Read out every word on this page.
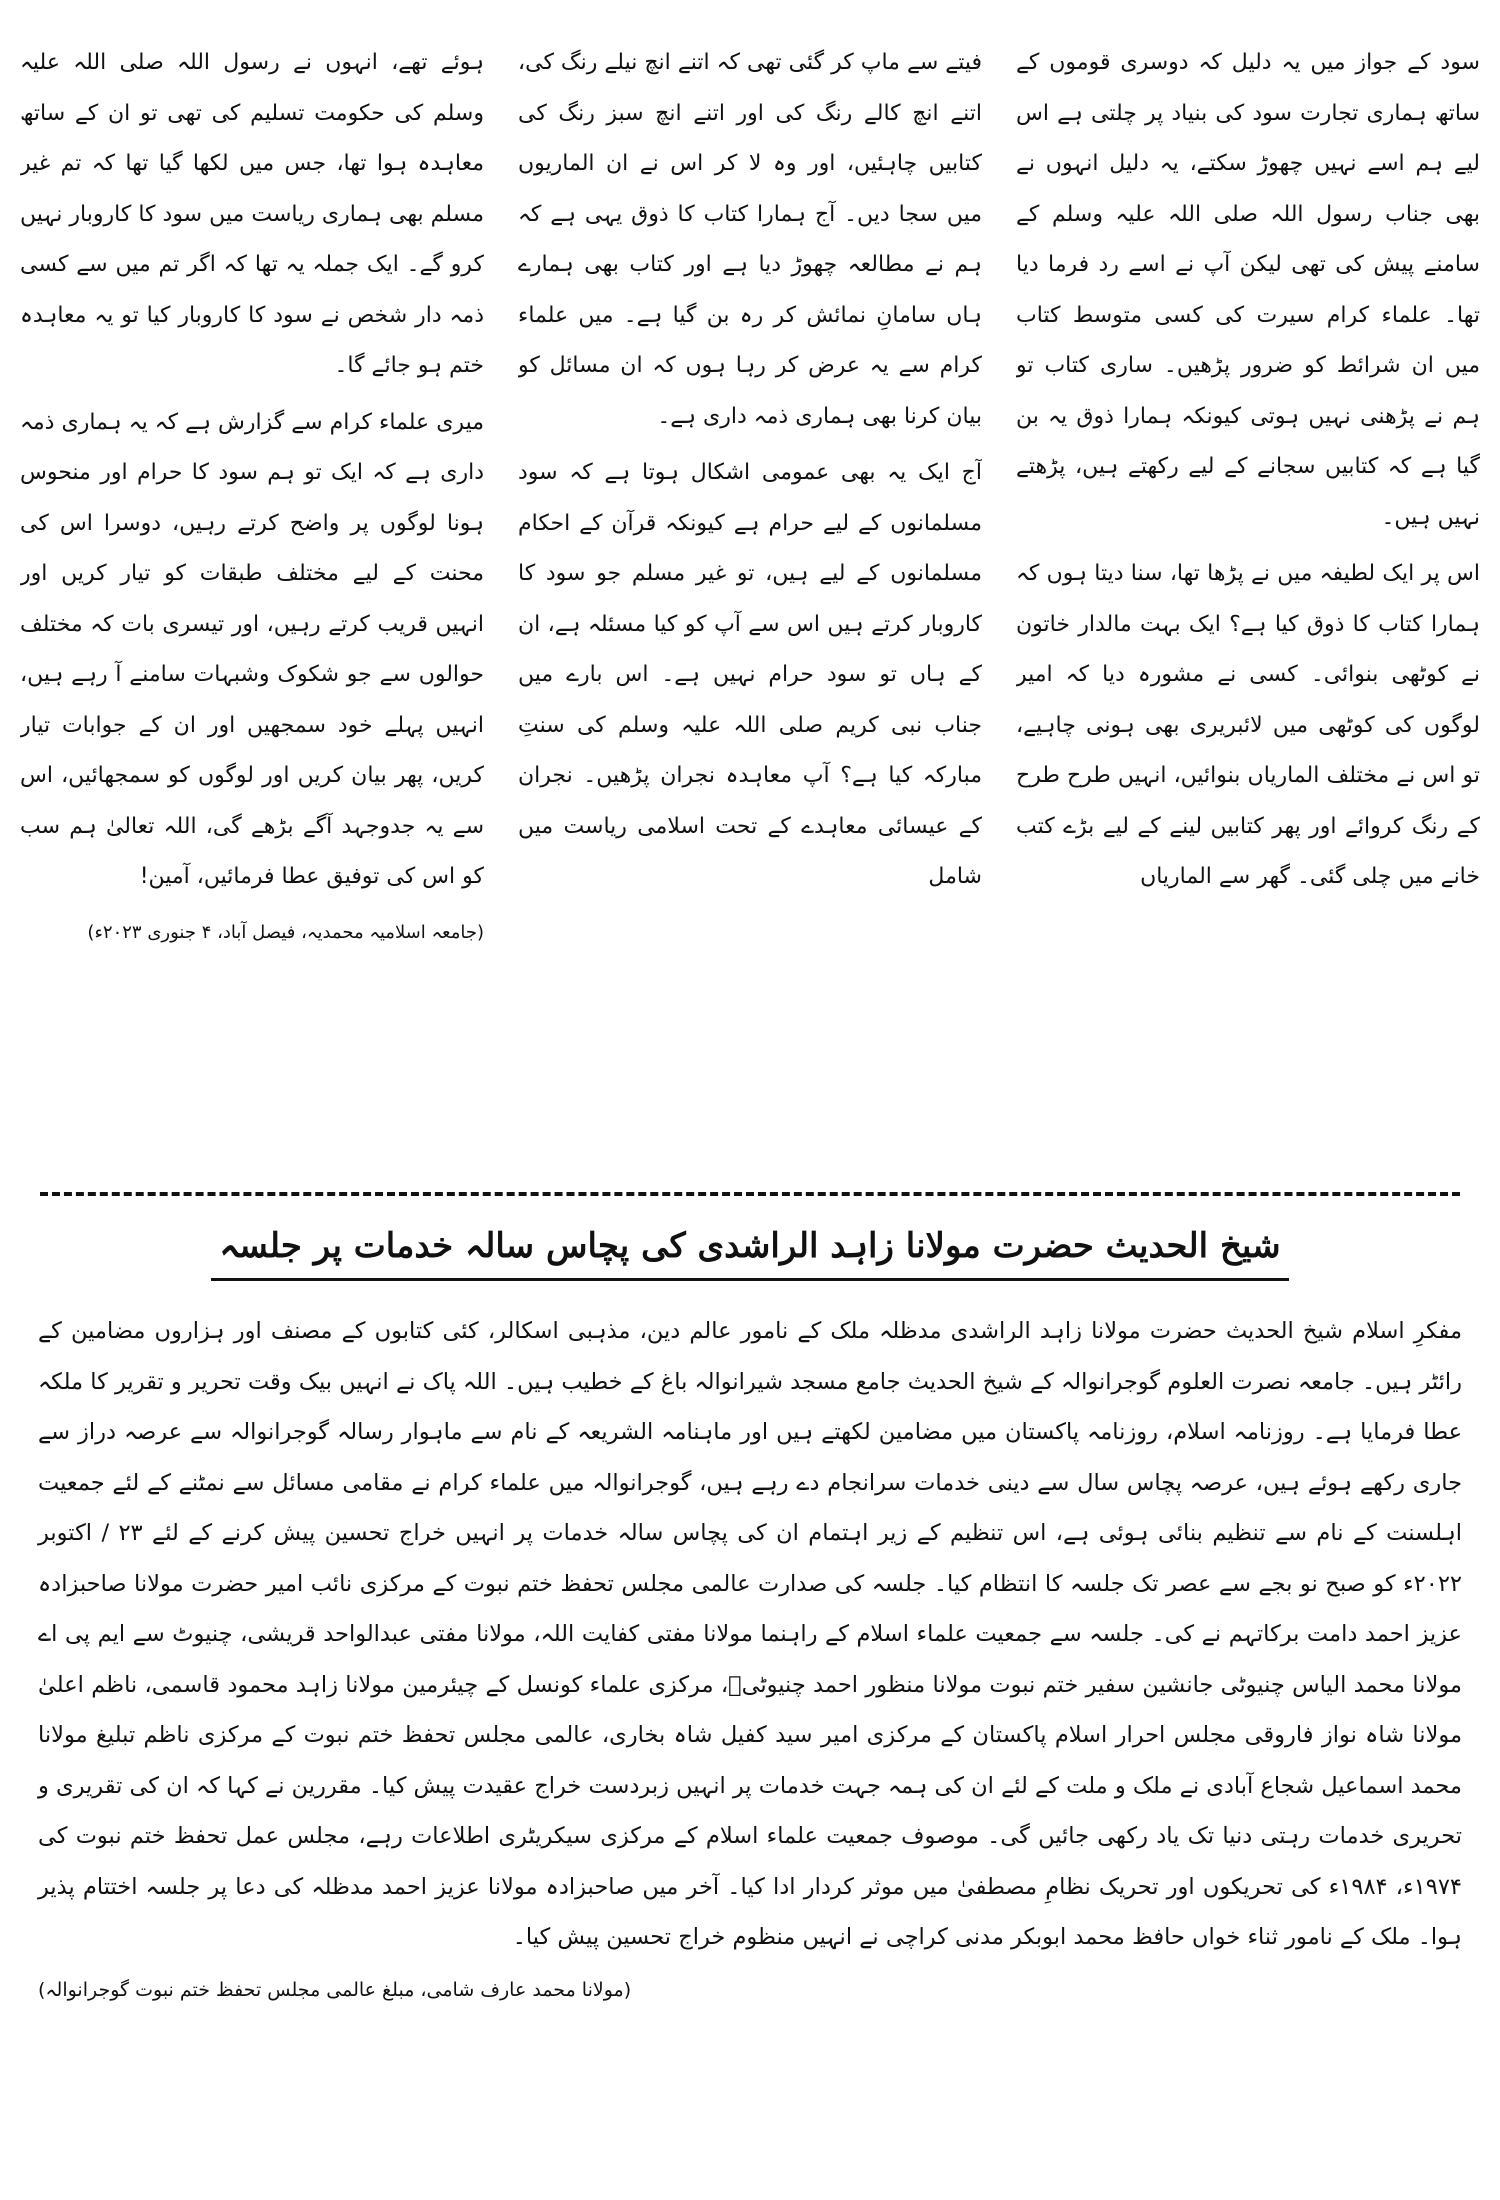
سود کے جواز میں یہ دلیل کہ دوسری قوموں کے ساتھ ہماری تجارت سود کی بنیاد پر چلتی ہے اس لیے ہم اسے نہیں چھوڑ سکتے، یہ دلیل انہوں نے بھی جناب رسول اللہ صلی اللہ علیہ وسلم کے سامنے پیش کی تھی لیکن آپ نے اسے رد فرما دیا تھا۔ علماء کرام سیرت کی کسی متوسط کتاب میں ان شرائط کو ضرور پڑھیں۔ ساری کتاب تو ہم نے پڑھنی نہیں ہوتی کیونکہ ہمارا ذوق یہ بن گیا ہے کہ کتابیں سجانے کے لیے رکھتے ہیں، پڑھتے نہیں ہیں۔

اس پر ایک لطیفہ میں نے پڑھا تھا، سنا دیتا ہوں کہ ہمارا کتاب کا ذوق کیا ہے؟ ایک بہت مالدار خاتون نے کوٹھی بنوائی۔ کسی نے مشورہ دیا کہ امیر لوگوں کی کوٹھی میں لائبریری بھی ہونی چاہیے، تو اس نے مختلف الماریاں بنوائیں، انہیں طرح طرح کے رنگ کروائے اور پھر کتابیں لینے کے لیے بڑے کتب خانے میں چلی گئی۔ گھر سے الماریاں

فیتے سے ماپ کر گئی تھی کہ اتنے انچ نیلے رنگ کی، اتنے انچ کالے رنگ کی اور اتنے انچ سبز رنگ کی کتابیں چاہئیں، اور وہ لا کر اس نے ان الماریوں میں سجا دیں۔ آج ہمارا کتاب کا ذوق یہی ہے کہ ہم نے مطالعہ چھوڑ دیا ہے اور کتاب بھی ہمارے ہاں سامانِ نمائش کر رہ بن گیا ہے۔ میں علماء کرام سے یہ عرض کر رہا ہوں کہ ان مسائل کو بیان کرنا بھی ہماری ذمہ داری ہے۔

آج ایک یہ بھی عمومی اشکال ہوتا ہے کہ سود مسلمانوں کے لیے حرام ہے کیونکہ قرآن کے احکام مسلمانوں کے لیے ہیں، تو غیر مسلم جو سود کا کاروبار کرتے ہیں اس سے آپ کو کیا مسئلہ ہے، ان کے ہاں تو سود حرام نہیں ہے۔ اس بارے میں جناب نبی کریم صلی اللہ علیہ وسلم کی سنتِ مبارکہ کیا ہے؟ آپ معاہدہ نجران پڑھیں۔ نجران کے عیسائی معاہدے کے تحت اسلامی ریاست میں شامل

ہوئے تھے، انہوں نے رسول اللہ صلی اللہ علیہ وسلم کی حکومت تسلیم کی تھی تو ان کے ساتھ معاہدہ ہوا تھا، جس میں لکھا گیا تھا کہ تم غیر مسلم بھی ہماری ریاست میں سود کا کاروبار نہیں کرو گے۔ ایک جملہ یہ تھا کہ اگر تم میں سے کسی ذمہ دار شخص نے سود کا کاروبار کیا تو یہ معاہدہ ختم ہو جائے گا۔

میری علماء کرام سے گزارش ہے کہ یہ ہماری ذمہ داری ہے کہ ایک تو ہم سود کا حرام اور منحوس ہونا لوگوں پر واضح کرتے رہیں، دوسرا اس کی محنت کے لیے مختلف طبقات کو تیار کریں اور انہیں قریب کرتے رہیں، اور تیسری بات کہ مختلف حوالوں سے جو شکوک وشبہات سامنے آ رہے ہیں، انہیں پہلے خود سمجھیں اور ان کے جوابات تیار کریں، پھر بیان کریں اور لوگوں کو سمجھائیں، اس سے یہ جدوجہد آگے بڑھے گی، اللہ تعالیٰ ہم سب کو اس کی توفیق عطا فرمائیں، آمین!

(جامعہ اسلامیہ محمدیہ، فیصل آباد، ۴ جنوری ۲۰۲۳ء)

شیخ الحدیث حضرت مولانا زاہد الراشدی کی پچاس سالہ خدمات پر جلسہ

مفکرِ اسلام شیخ الحدیث حضرت مولانا زاہد الراشدی مدظلہ ملک کے نامور عالم دین، مذہبی اسکالر، کئی کتابوں کے مصنف اور ہزاروں مضامین کے رائٹر ہیں۔ جامعہ نصرت العلوم گوجرانوالہ کے شیخ الحدیث جامع مسجد شیرانوالہ باغ کے خطیب ہیں۔ اللہ پاک نے انہیں بیک وقت تحریر و تقریر کا ملکہ عطا فرمایا ہے۔ روزنامہ اسلام، روزنامہ پاکستان میں مضامین لکھتے ہیں اور ماہنامہ الشریعہ کے نام سے ماہوار رسالہ گوجرانوالہ سے عرصہ دراز سے جاری رکھے ہوئے ہیں، عرصہ پچاس سال سے دینی خدمات سرانجام دے رہے ہیں، گوجرانوالہ میں علماء کرام نے مقامی مسائل سے نمٹنے کے لئے جمعیت اہلسنت کے نام سے تنظیم بنائی ہوئی ہے، اس تنظیم کے زیر اہتمام ان کی پچاس سالہ خدمات پر انہیں خراج تحسین پیش کرنے کے لئے ۲۳ / اکتوبر ۲۰۲۲ء کو صبح نو بجے سے عصر تک جلسہ کا انتظام کیا۔ جلسہ کی صدارت عالمی مجلس تحفظ ختم نبوت کے مرکزی نائب امیر حضرت مولانا صاحبزادہ عزیز احمد دامت برکاتہم نے کی۔ جلسہ سے جمعیت علماء اسلام کے راہنما مولانا مفتی کفایت اللہ، مولانا مفتی عبدالواحد قریشی، چنیوٹ سے ایم پی اے مولانا محمد الیاس چنیوٹی جانشین سفیر ختم نبوت مولانا منظور احمد چنیوٹیؒ، مرکزی علماء کونسل کے چیئرمین مولانا زاہد محمود قاسمی، ناظم اعلیٰ مولانا شاہ نواز فاروقی مجلس احرار اسلام پاکستان کے مرکزی امیر سید کفیل شاہ بخاری، عالمی مجلس تحفظ ختم نبوت کے مرکزی ناظم تبلیغ مولانا محمد اسماعیل شجاع آبادی نے ملک و ملت کے لئے ان کی ہمہ جہت خدمات پر انہیں زبردست خراج عقیدت پیش کیا۔ مقررین نے کہا کہ ان کی تقریری و تحریری خدمات رہتی دنیا تک یاد رکھی جائیں گی۔ موصوف جمعیت علماء اسلام کے مرکزی سیکریٹری اطلاعات رہے، مجلس عمل تحفظ ختم نبوت کی ۱۹۷۴ء، ۱۹۸۴ء کی تحریکوں اور تحریک نظامِ مصطفیٰ میں موثر کردار ادا کیا۔ آخر میں صاحبزادہ مولانا عزیز احمد مدظلہ کی دعا پر جلسہ اختتام پذیر ہوا۔ ملک کے نامور ثناء خواں حافظ محمد ابوبکر مدنی کراچی نے انہیں منظوم خراج تحسین پیش کیا۔

(مولانا محمد عارف شامی، مبلغ عالمی مجلس تحفظ ختم نبوت گوجرانوالہ)
